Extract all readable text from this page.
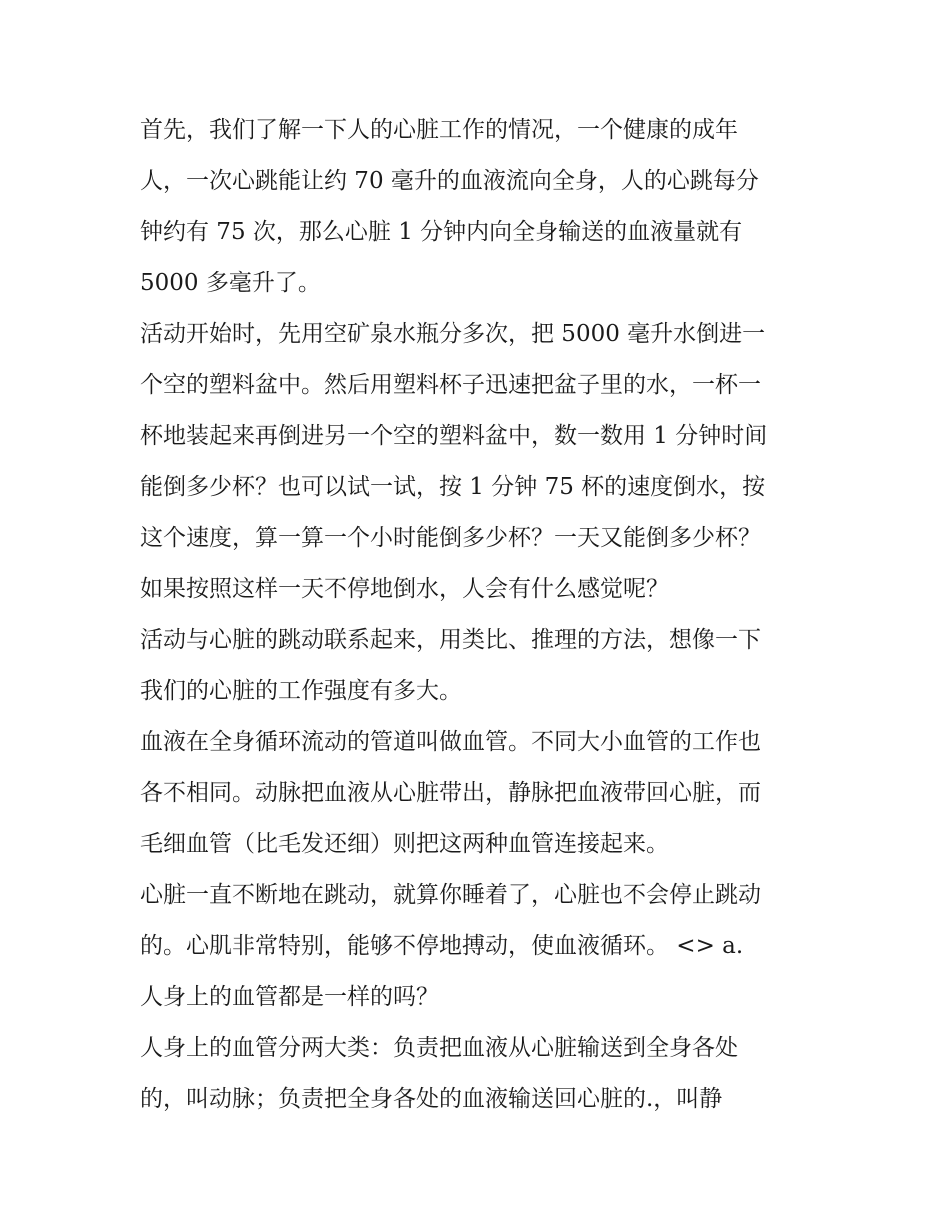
首先，我们了解一下人的心脏工作的情况，一个健康的成年
人，一次心跳能让约 70 毫升的血液流向全身，人的心跳每分
钟约有 75 次，那么心脏 1 分钟内向全身输送的血液量就有
5000 多毫升了。
活动开始时，先用空矿泉水瓶分多次，把 5000 毫升水倒进一
个空的塑料盆中。然后用塑料杯子迅速把盆子里的水，一杯一
杯地装起来再倒进另一个空的塑料盆中，数一数用 1 分钟时间
能倒多少杯？也可以试一试，按 1 分钟 75 杯的速度倒水，按
这个速度，算一算一个小时能倒多少杯？一天又能倒多少杯？
如果按照这样一天不停地倒水，人会有什么感觉呢？
活动与心脏的跳动联系起来，用类比、推理的方法，想像一下
我们的心脏的工作强度有多大。
血液在全身循环流动的管道叫做血管。不同大小血管的工作也
各不相同。动脉把血液从心脏带出，静脉把血液带回心脏，而
毛细血管（比毛发还细）则把这两种血管连接起来。
心脏一直不断地在跳动，就算你睡着了，心脏也不会停止跳动
的。心肌非常特别，能够不停地搏动，使血液循环。 <> a.
人身上的血管都是一样的吗？
人身上的血管分两大类：负责把血液从心脏输送到全身各处
的，叫动脉；负责把全身各处的血液输送回心脏的.，叫静
